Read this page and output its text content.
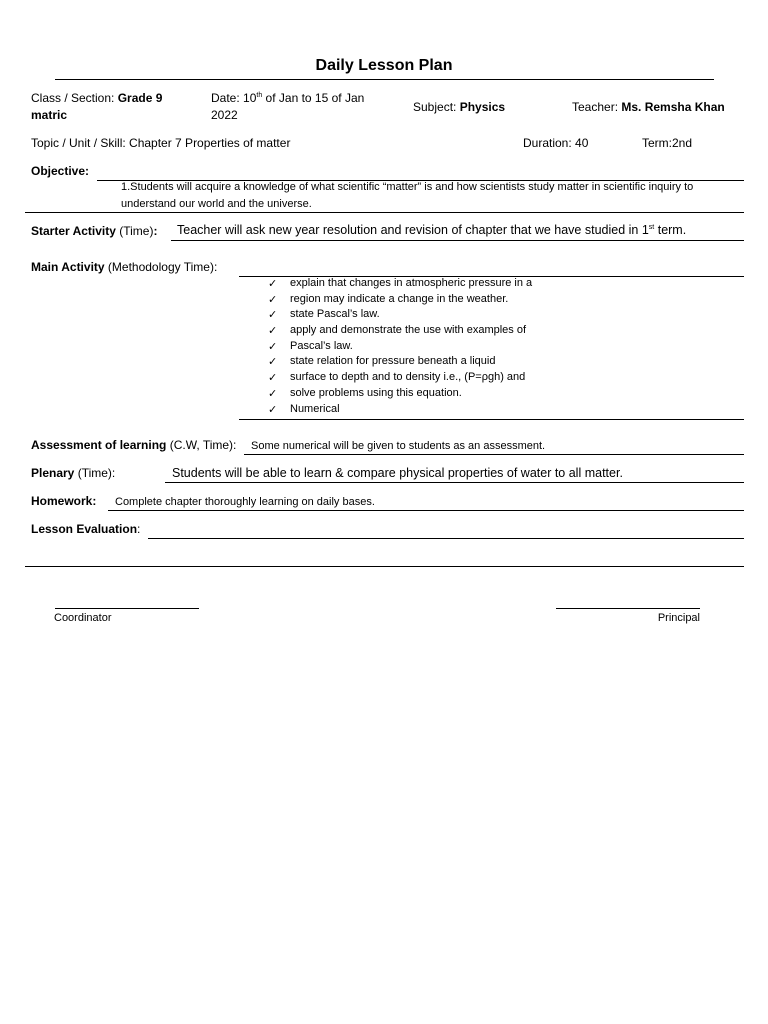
Daily Lesson Plan
Class / Section: Grade 9
matric
Date: 10th of Jan to 15 of Jan
2022
Subject: Physics	Teacher: Ms. Remsha Khan
Topic / Unit / Skill: Chapter 7 Properties of matter	Duration: 40	Term:2nd
Objective:
1.Students will acquire a knowledge of what scientific “matter” is and how scientists study matter in scientific inquiry to
understand our world and the universe.
Starter Activity (Time): Teacher will ask new year resolution and revision of chapter that we have studied in 1st term.
Main Activity (Methodology Time):
✓ explain that changes in atmospheric pressure in a
✓ region may indicate a change in the weather.
✓ state Pascal’s law.
✓ apply and demonstrate the use with examples of
✓ Pascal’s law.
✓ state relation for pressure beneath a liquid
✓ surface to depth and to density i.e., (P=ρgh) and
✓ solve problems using this equation.
✓ Numerical
Assessment of learning (C.W, Time): Some numerical will be given to students as an assessment.
Plenary (Time):	Students will be able to learn & compare physical properties of water to all matter.
Homework: Complete chapter thoroughly learning on daily bases.
Lesson Evaluation:
Coordinator	Principal
